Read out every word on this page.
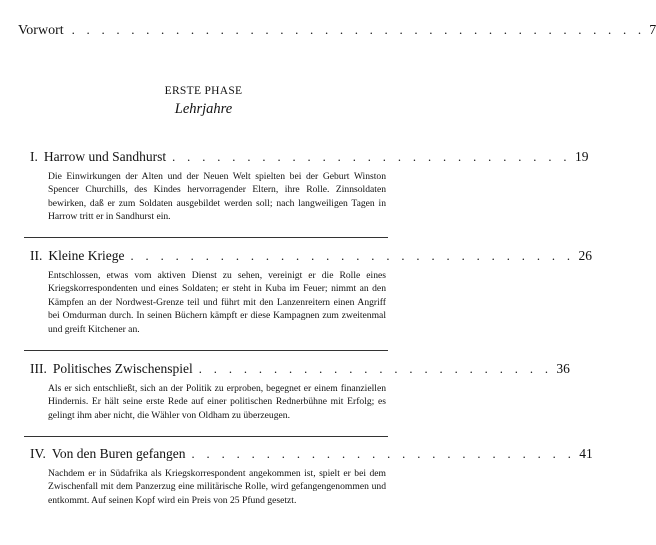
Vorwort . . . . . . . . . . . . . . . . . . . . . . . . . . . . . . . . . . . . . . . 7
ERSTE PHASE
Lehrjahre
I. Harrow und Sandhurst . . . . . . . . . . . . . . . . . . . . . . . . . . . 19
Die Einwirkungen der Alten und der Neuen Welt spielten bei der Geburt Winston Spencer Churchills, des Kindes hervorragender Eltern, ihre Rolle. Zinnsoldaten bewirken, daß er zum Soldaten ausgebildet werden soll; nach langweiligen Tagen in Harrow tritt er in Sandhurst ein.
II. Kleine Kriege . . . . . . . . . . . . . . . . . . . . . . . . . . . . . . 26
Entschlossen, etwas vom aktiven Dienst zu sehen, vereinigt er die Rolle eines Kriegskorrespondenten und eines Soldaten; er steht in Kuba im Feuer; nimmt an den Kämpfen an der Nordwest-Grenze teil und führt mit den Lanzenreitern einen Angriff bei Omdurman durch. In seinen Büchern kämpft er diese Kampagnen zum zweitenmal und greift Kitchener an.
III. Politisches Zwischenspiel . . . . . . . . . . . . . . . . . . . . . . . . 36
Als er sich entschließt, sich an der Politik zu erproben, begegnet er einem finanziellen Hindernis. Er hält seine erste Rede auf einer politischen Rednerbühne mit Erfolg; es gelingt ihm aber nicht, die Wähler von Oldham zu überzeugen.
IV. Von den Buren gefangen . . . . . . . . . . . . . . . . . . . . . . . . . . 41
Nachdem er in Südafrika als Kriegskorrespondent angekommen ist, spielt er bei dem Zwischenfall mit dem Panzerzug eine militärische Rolle, wird gefangengenommen und entkommt. Auf seinen Kopf wird ein Preis von 25 Pfund gesetzt.
